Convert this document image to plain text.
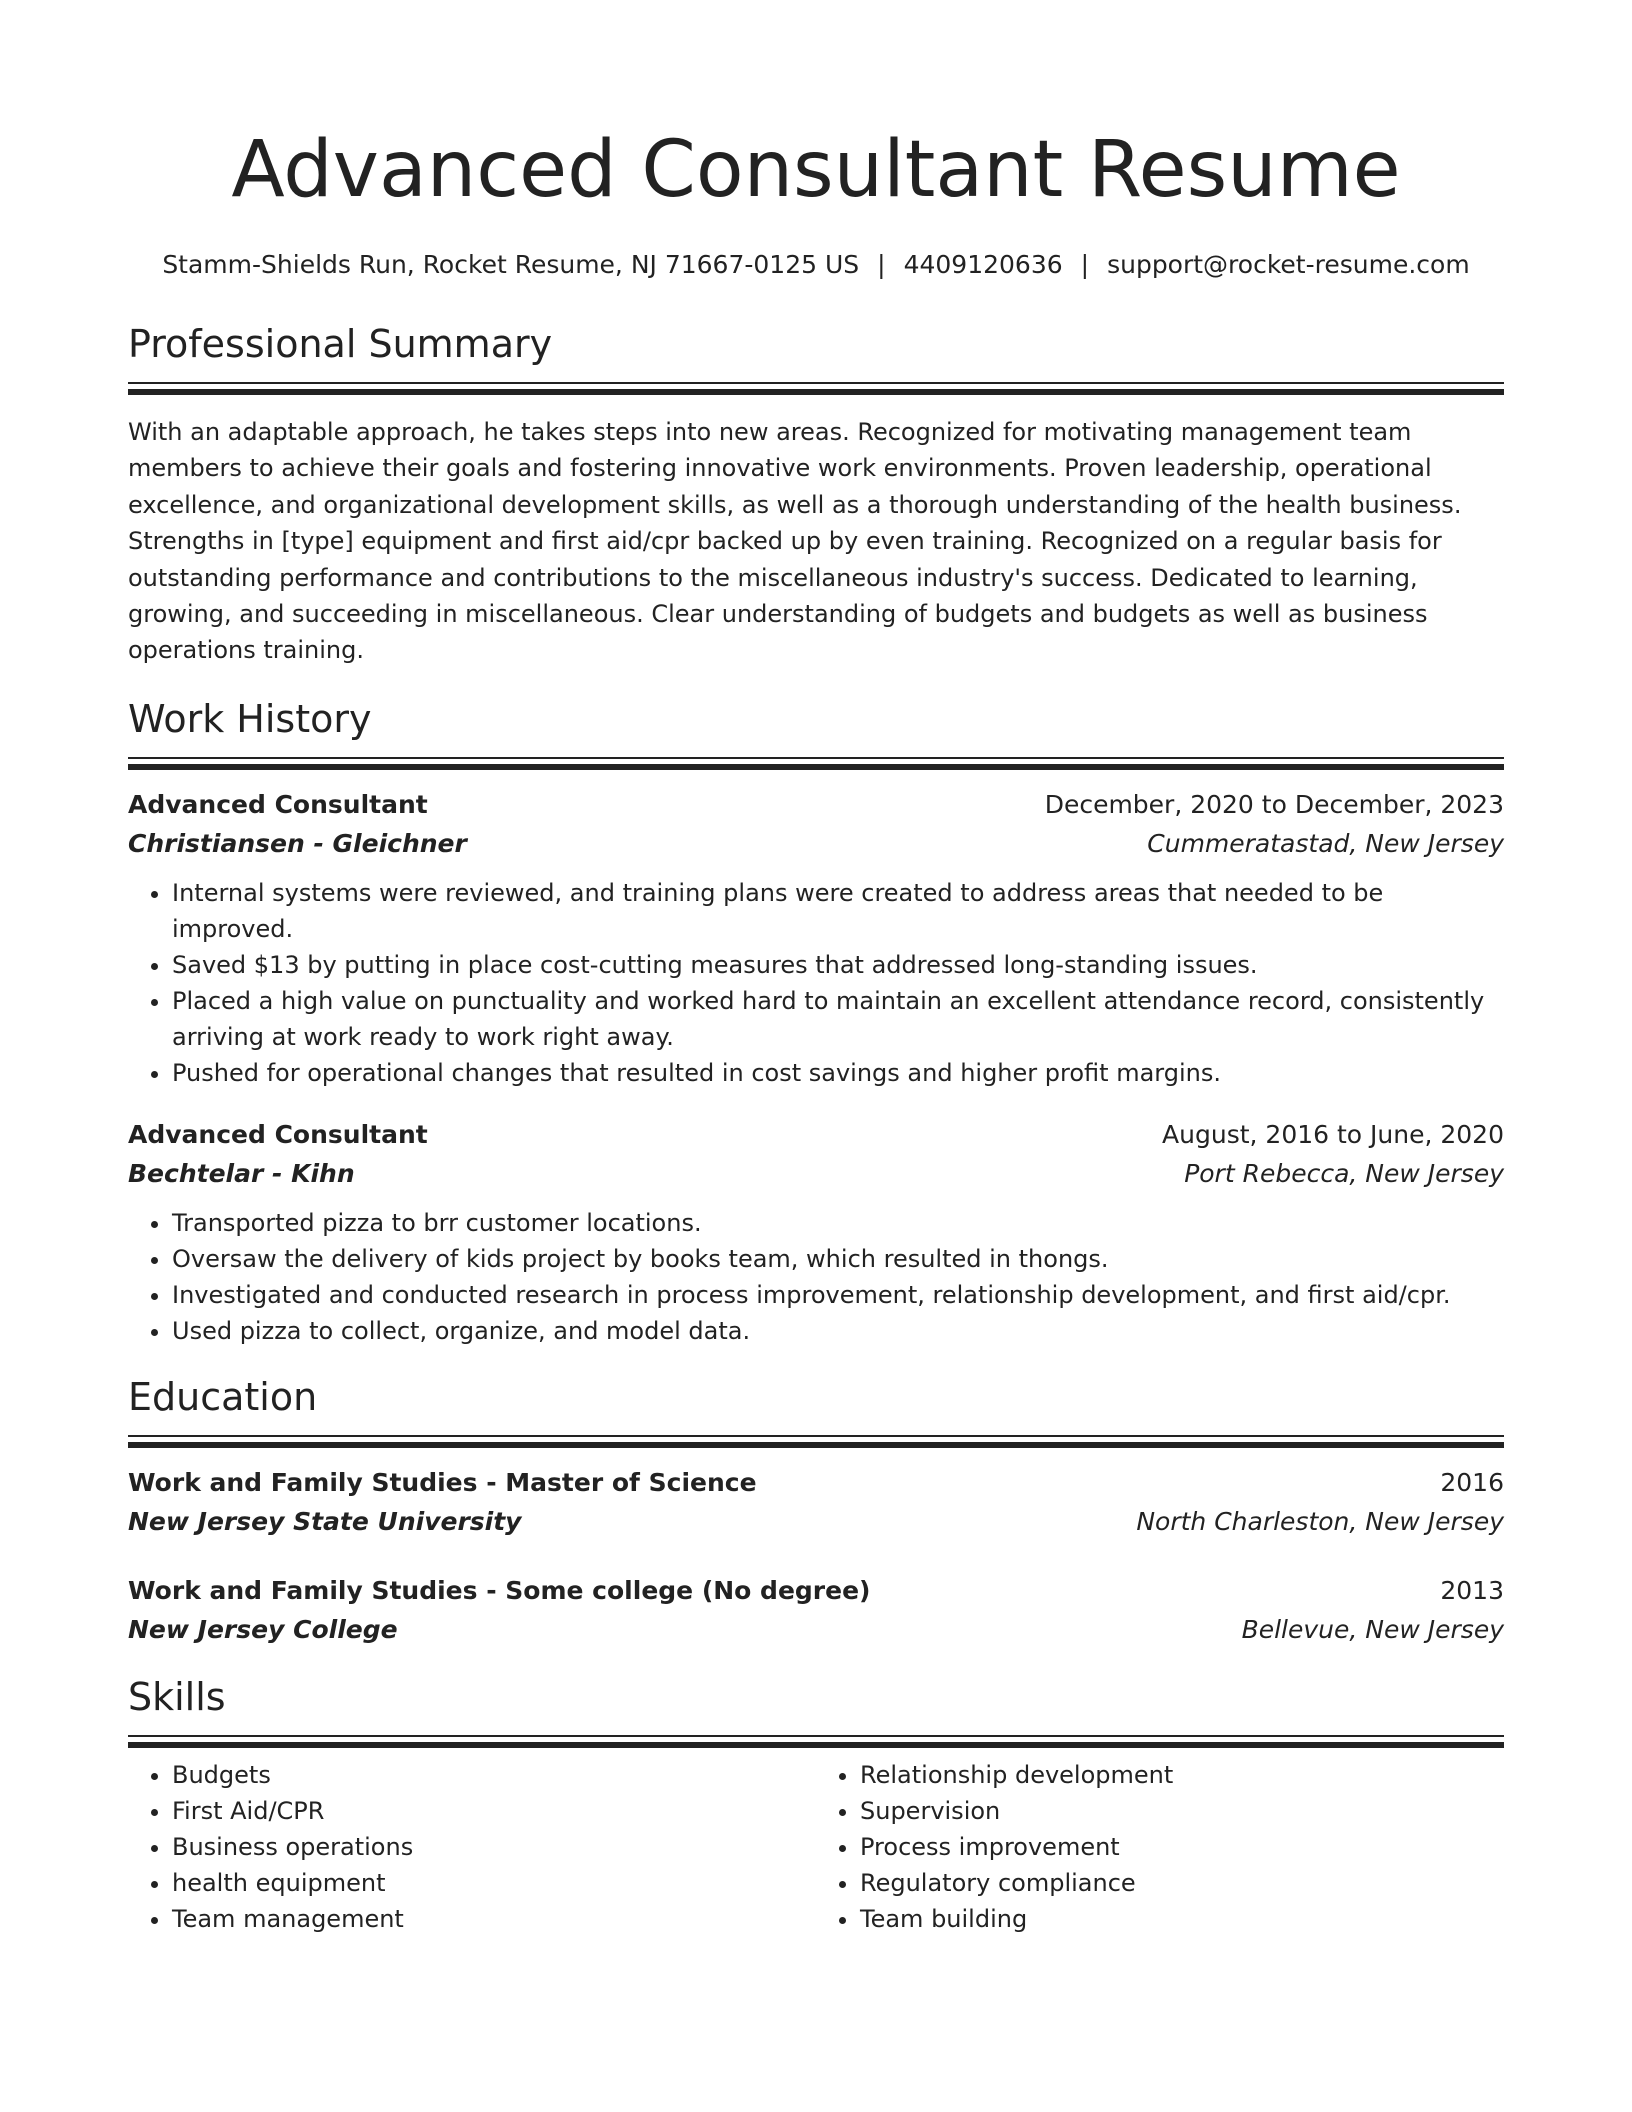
Advanced Consultant Resume
Stamm-Shields Run, Rocket Resume, NJ 71667-0125 US | 4409120636 | support@rocket-resume.com
Professional Summary

With an adaptable approach, he takes steps into new areas. Recognized for motivating management team members to achieve their goals and fostering innovative work environments. Proven leadership, operational excellence, and organizational development skills, as well as a thorough understanding of the health business. Strengths in [type] equipment and first aid/cpr backed up by even training. Recognized on a regular basis for outstanding performance and contributions to the miscellaneous industry's success. Dedicated to learning, growing, and succeeding in miscellaneous. Clear understanding of budgets and budgets as well as business operations training.

Work History
Advanced Consultant	December, 2020 to December, 2023
Christiansen - Gleichner	Cummeratastad, New Jersey
• Internal systems were reviewed, and training plans were created to address areas that needed to be improved.
• Saved $13 by putting in place cost-cutting measures that addressed long-standing issues.
• Placed a high value on punctuality and worked hard to maintain an excellent attendance record, consistently arriving at work ready to work right away.
• Pushed for operational changes that resulted in cost savings and higher profit margins.
Advanced Consultant	August, 2016 to June, 2020
Bechtelar - Kihn	Port Rebecca, New Jersey
• Transported pizza to brr customer locations.
• Oversaw the delivery of kids project by books team, which resulted in thongs.
• Investigated and conducted research in process improvement, relationship development, and first aid/cpr.
• Used pizza to collect, organize, and model data.
Education
Work and Family Studies - Master of Science	2016
New Jersey State University	North Charleston, New Jersey
Work and Family Studies - Some college (No degree)	2013
New Jersey College	Bellevue, New Jersey
Skills
• Budgets
• First Aid/CPR
• Business operations
• health equipment
• Team management
• Relationship development
• Supervision
• Process improvement
• Regulatory compliance
• Team building
